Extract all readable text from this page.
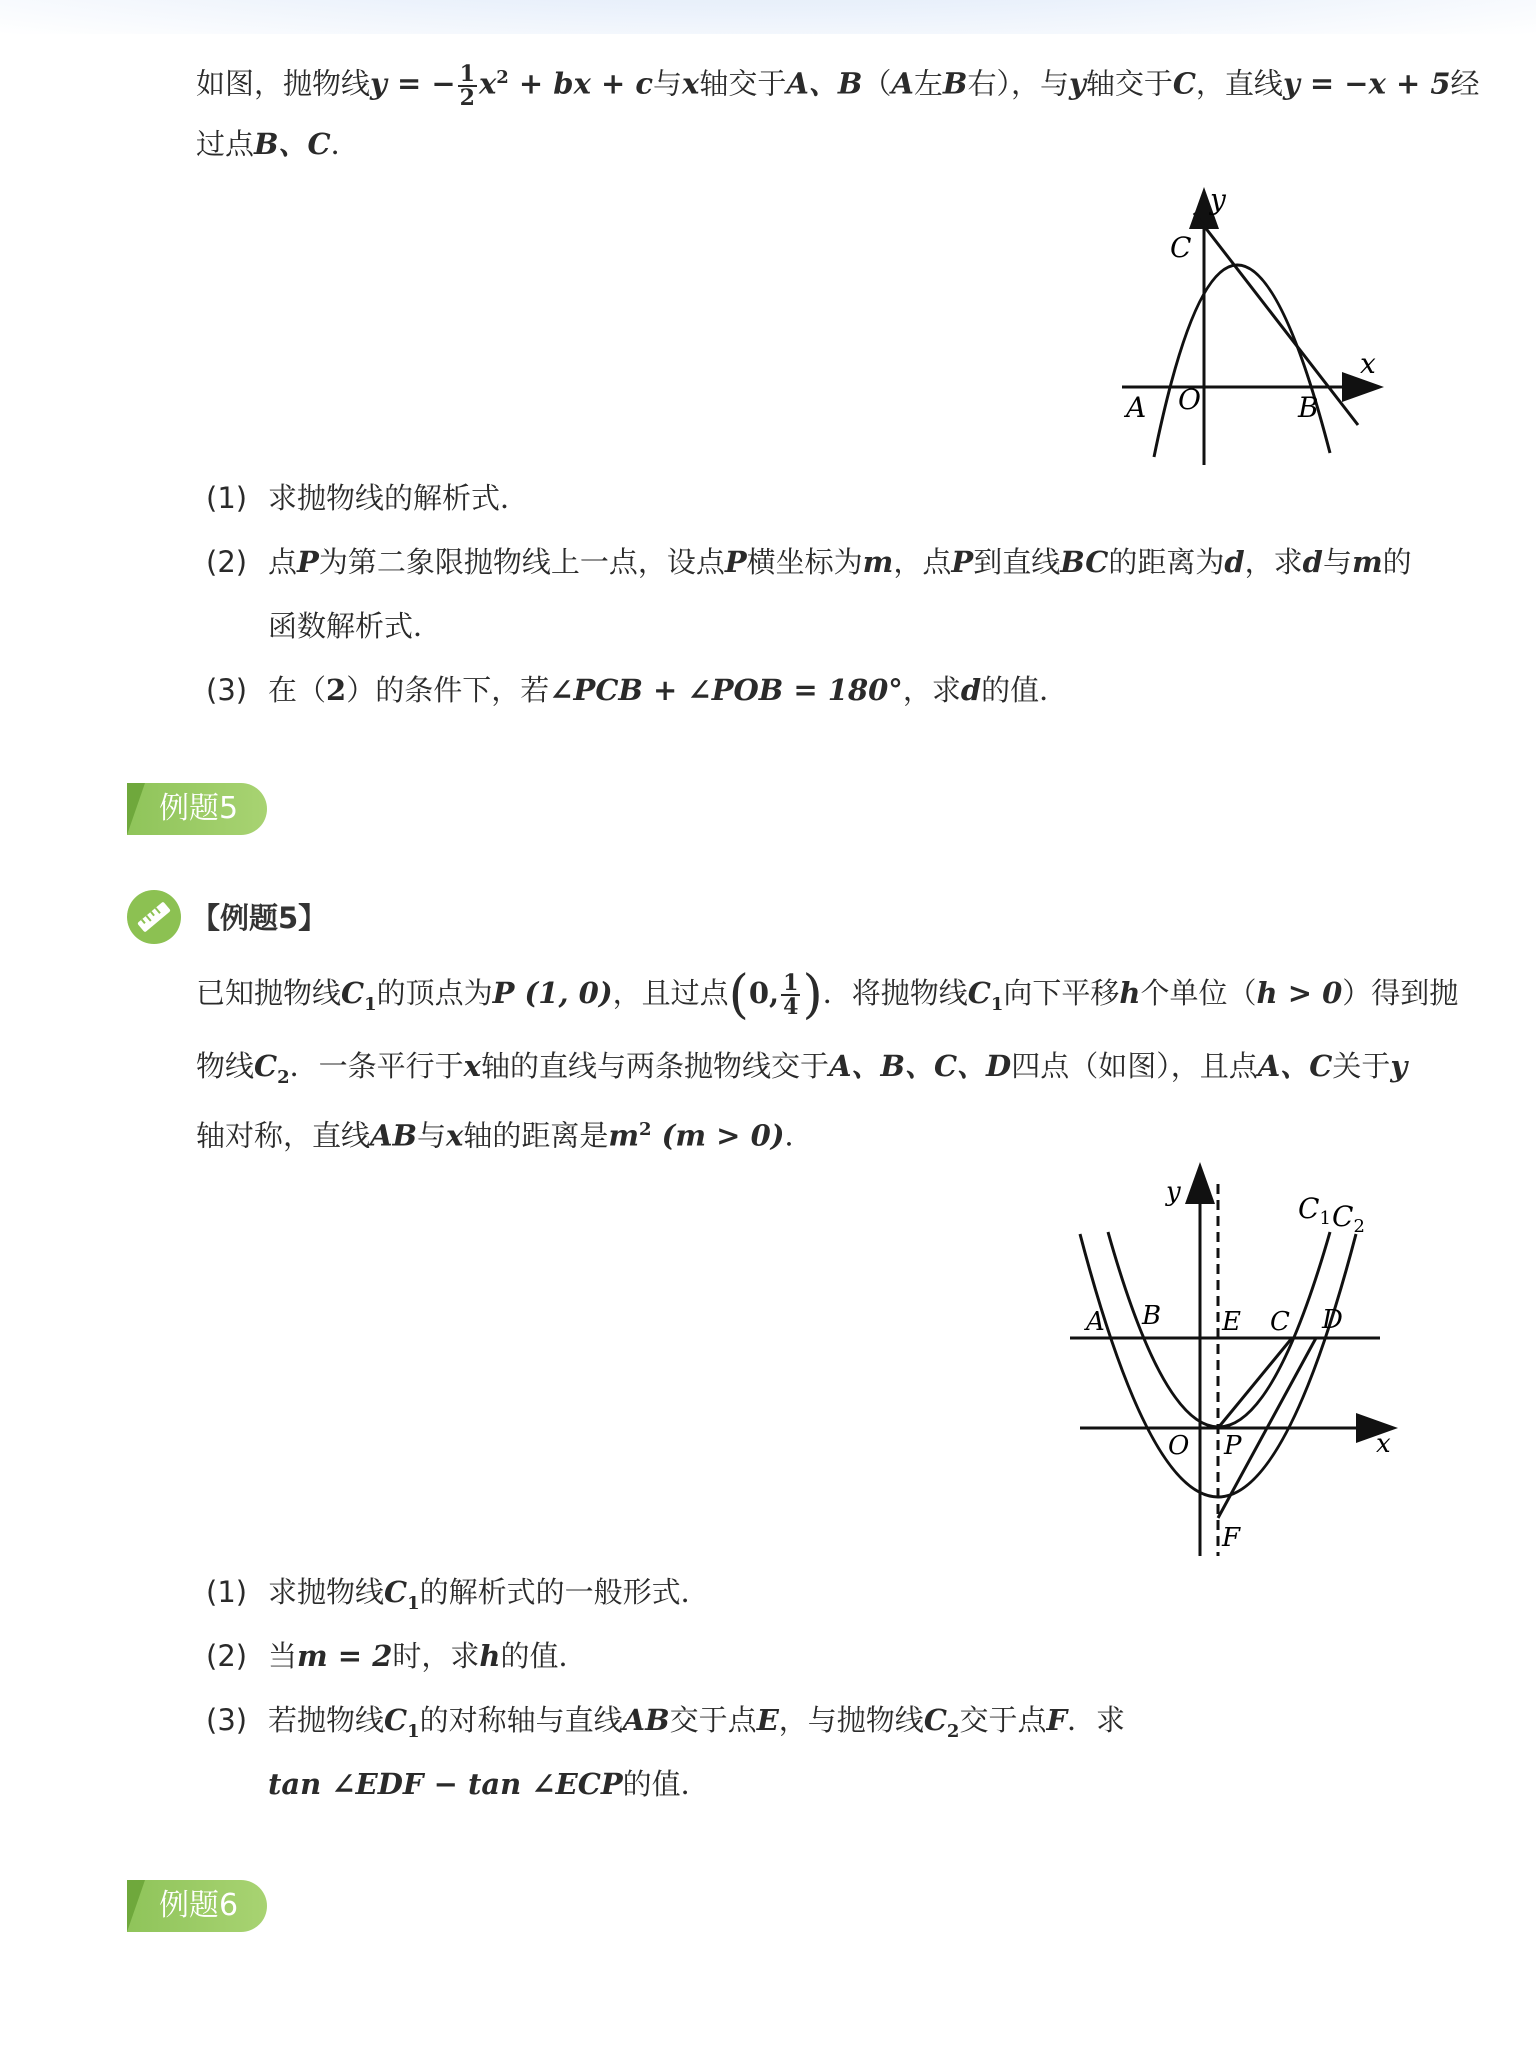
如图，抛物线y = − $\frac{1}{2} x^2$ + bx + c与x轴交于A、B（A左B右），与y轴交于C，直线y = −x + 5经
过点B、C．
y
x
C
A O	B
(1) 求抛物线的解析式．
(2) 点P为第二象限抛物线上一点，设点P横坐标为m，点P到直线BC的距离为d，求d与m的
函数解析式．
(3) 在（2）的条件下，若∠PCB + ∠POB = 180°，求d的值．
例题5
【例题5】
已知抛物线$C_1$的顶点为P (1, 0)，且过点(0, $\frac{1}{4}$ )．将抛物线$C_1$向下平移h个单位（h > 0）得到抛
物线$C_2$．一条平行于x轴的直线与两条抛物线交于A、B、C、D四点（如图），且点A、C关于y
轴对称，直线AB与x轴的距离是$m^2$ (m > 0)．
y
x
$C_1$ $C_2$
A B E C D
O P
F
(1) 求抛物线$C_1$的解析式的一般形式．
(2) 当m = 2时，求h的值．
(3) 若抛物线$C_1$的对称轴与直线AB交于点E，与抛物线$C_2$交于点F．求
tan ∠EDF − tan ∠ECP的值．
例题6
